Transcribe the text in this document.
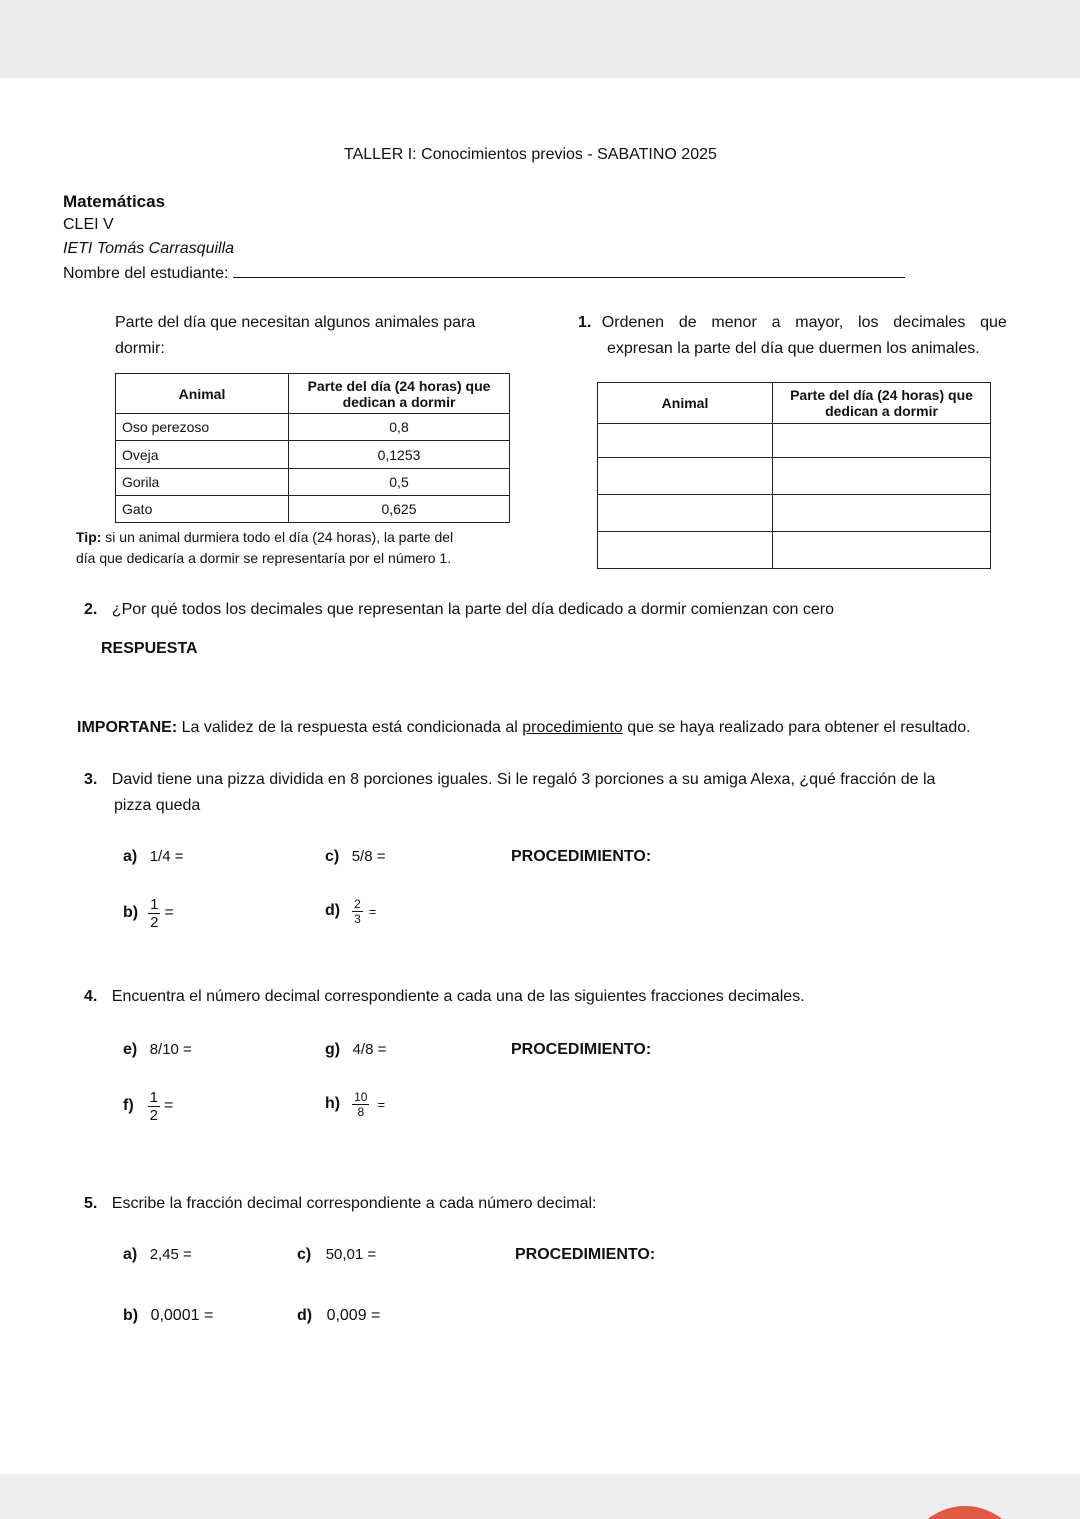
TALLER I: Conocimientos previos - SABATINO 2025
Matemáticas
CLEI V
IETI Tomás Carrasquilla
Nombre del estudiante:
Parte del día que necesitan algunos animales para
dormir:
1. Ordenen de menor a mayor, los decimales que
expresan la parte del día que duermen los animales.
Animal	Parte del día (24 horas) que
dedican a dormir
Oso perezoso	0,8
Oveja	0,1253
Gorila	0,5
Gato	0,625
Tip: si un animal durmiera todo el día (24 horas), la parte del
día que dedicaría a dormir se representaría por el número 1.
Animal	Parte del día (24 horas) que
dedican a dormir

2. ¿Por qué todos los decimales que representan la parte del día dedicado a dormir comienzan con cero
RESPUESTA
IMPORTANE: La validez de la respuesta está condicionada al procedimiento que se haya realizado para obtener el resultado.
3. David tiene una pizza dividida en 8 porciones iguales. Si le regaló 3 porciones a su amiga Alexa, ¿qué fracción de la
pizza queda
a) 1/4 =	c) 5/8 =	PROCEDIMIENTO:
$b) \frac{1}{2}$ =	$d) \frac{2}{3}$ =
4. Encuentra el número decimal correspondiente a cada una de las siguientes fracciones decimales.
e) 8/10 =	g) 4/8 =	PROCEDIMIENTO:
$f) \frac{1}{2}$ =	$h) \frac{10}{8}$ =
5. Escribe la fracción decimal correspondiente a cada número decimal:
a) 2,45 =	c) 50,01 =	PROCEDIMIENTO:
b) 0,0001 =	d) 0,009 =
